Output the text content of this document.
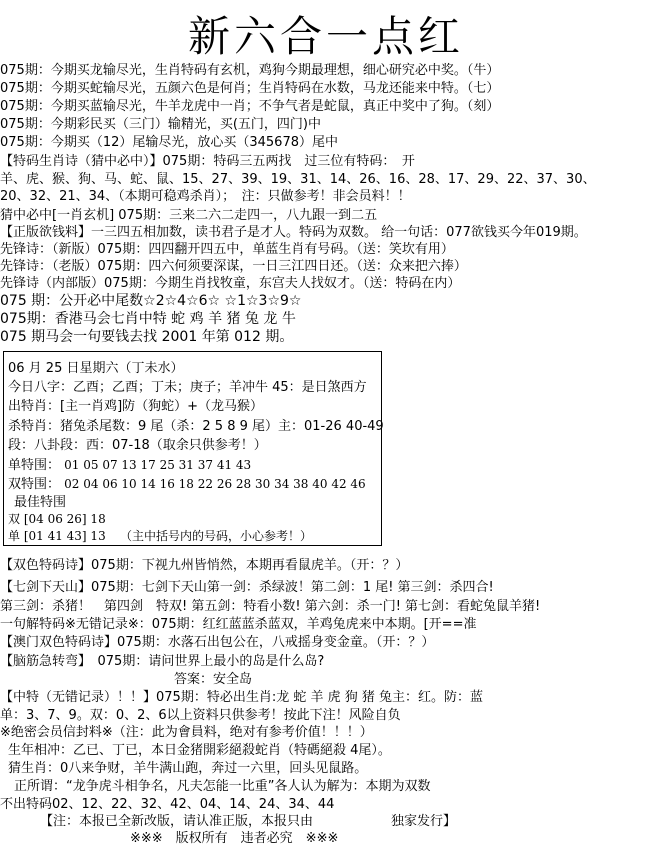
新六合一点红
075期：今期买龙输尽光，生肖特码有玄机，鸡狗今期最理想，细心研究必中奖。（牛）
075期：今期买蛇输尽光，五颜六色是何肖；生肖特码在水数，马龙还能来中特。（七）
075期：今期买蓝输尽光，牛羊龙虎中一肖；不争气者是蛇鼠，真正中奖中了狗。（刻）
075期：今期彩民买（三门）输精光，买(五门，四门)中
075期：今期买（12）尾输尽光，放心买（345678）尾中
【特码生肖诗（猜中必中）】075期：特码三五两找　过三位有特码：　开
羊、虎、猴、狗、马、蛇、鼠、15、27、39、19、31、14、26、16、28、17、29、22、37、30、
20、32、21、34、（本期可稳鸡杀肖）；　注：只做参考！非会员料！！
猜中必中[一肖玄机] 075期：三来二六二走四一，八九跟一到二五
【正版欲钱料】一三四五相加数，读书君子是才人。特码为双数。 给一句话：077欲钱买今年019期。
先锋诗：（新版）075期：四四翻开四五中，单蓝生肖有号码。（送：笑坎有用）
先锋诗：（老版）075期：四六何须要深谋，一日三江四日还。（送：众来把六捧）
先锋诗（内部版）075期：今期生肖找牧童，东宫夫人找奴才。（送：特码在内）
075 期：公开必中尾数☆2☆4☆6☆ ☆1☆3☆9☆
075期：香港马会七肖中特 蛇 鸡 羊 猪 兔 龙 牛
075 期马会一句要钱去找 2001 年第 012 期。
06 月 25 日星期六（丁未水）
今日八字：乙酉；乙酉；丁未；庚子；羊冲牛 45：是日煞西方
出特肖：[主一肖鸡]防（狗蛇）+（龙马猴）
杀特肖：猪兔杀尾数：9 尾（杀：2 5 8 9 尾）主：01-26 40-49
段：八卦段：西：07-18（取余只供参考！）
单特围： 01 05 07 13 17 25 31 37 41 43
双特围： 02 04 06 10 14 16 18 22 26 28 30 34 38 40 42 46
最佳特围
双 [04 06 26] 18
单 [01 41 43] 13 （主中括号内的号码，小心参考！）
【双色特码诗】075期：下视九州皆悄然，本期再看鼠虎羊。（开：？）
【七剑下天山】075期：七剑下天山第一剑：杀绿波！第二剑：1 尾! 第三剑：杀四合!
第三剑：杀猪！　第四剑　特双! 第五剑：特看小数! 第六剑：杀一门! 第七剑：看蛇兔鼠羊猪!
一句解特码※无错记录※：075期：红红蓝蓝杀蓝双，羊鸡兔虎来中本期。[开==准
【澳门双色特码诗】075期：水落石出包公在，八戒摇身变金童。（开：？）
【脑筋急转弯】　075期：请问世界上最小的岛是什么岛?
答案：安全岛
【中特（无错记录）！！】075期：特必出生肖:龙 蛇 羊 虎 狗 猪 兔主：红。防：蓝
单：3、7、9。双：0、2、6以上资料只供参考！按此下注！风险自负
※绝密会员信封料※（注：此为會員料，绝对有参考价值！！！）
生年相冲：乙已、丁已，本日金猪開彩絕殺蛇肖（特碼絕殺 4尾）。
猜生肖：0八来争财，羊牛满山跑，奔过一六里，回头见鼠路。
正所谓：“龙争虎斗相争名，凡夫怎能一比重”各人认为解为：本期为双数
不出特码02、12、22、32、42、04、14、24、34、44
【注：本报已全新改版，请认准正版，本报只由　　　　　　独家发行】
※※※　版权所有　违者必究　※※※
